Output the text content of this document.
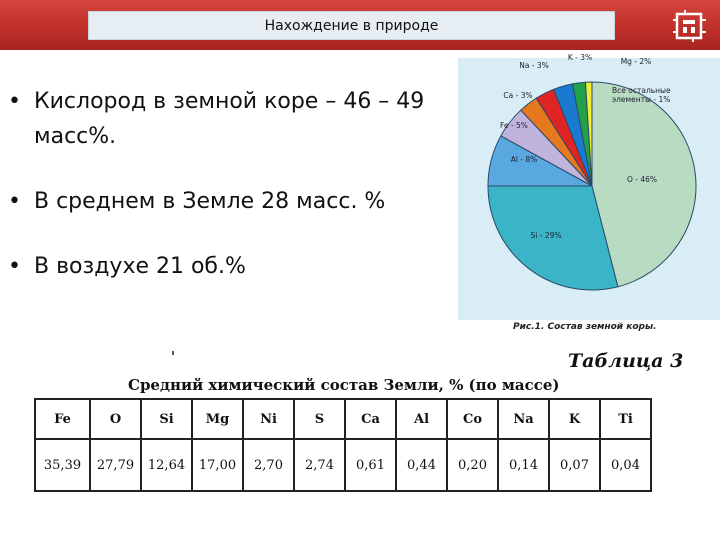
Нахождение в природе
• Кислород в земной коре – 46 – 49 масс%.
• В среднем в Земле 28 масс. %
• В воздухе 21 об.%
O - 46%
Si - 29%
Al - 8%
Fe - 5%
Ca - 3%
Na - 3%
K - 3%	Mg - 2%
Все остальные элементы - 1%
Рис.1. Состав земной коры.
Таблица 3
Средний химический состав Земли, % (по массе)
Fe	O	Si	Mg	Ni	S	Ca	Al	Co	Na	K	Ti
35,39	27,79	12,64	17,00	2,70	2,74	0,61	0,44	0,20	0,14	0,07	0,04
